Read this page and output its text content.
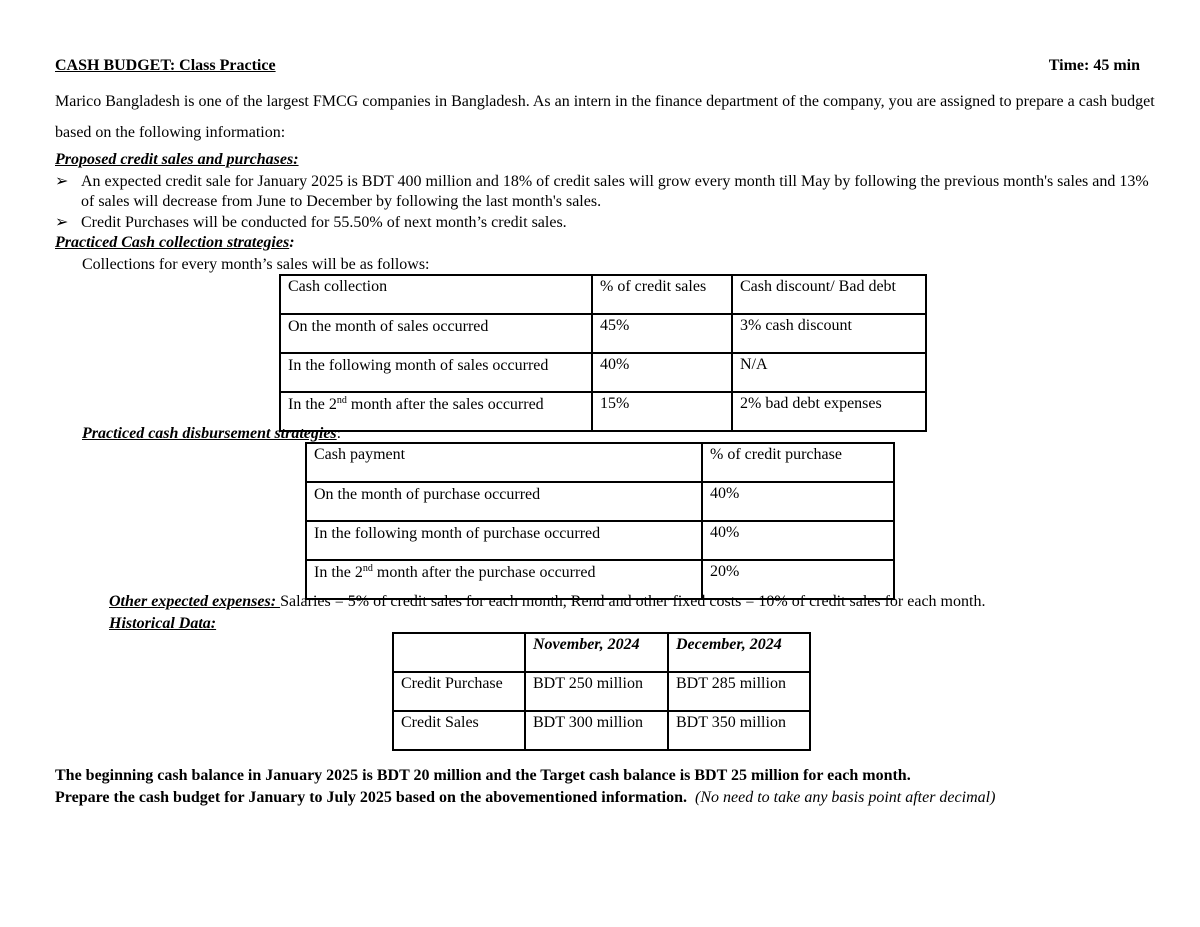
CASH BUDGET: Class Practice	Time: 45 min
Marico Bangladesh is one of the largest FMCG companies in Bangladesh. As an intern in the finance department of the company, you are assigned to prepare a cash budget based on the following information:
Proposed credit sales and purchases:
➢ An expected credit sale for January 2025 is BDT 400 million and 18% of credit sales will grow every month till May by following the previous month's sales and 13% of sales will decrease from June to December by following the last month's sales.
➢ Credit Purchases will be conducted for 55.50% of next month’s credit sales.
Practiced Cash collection strategies:
Collections for every month’s sales will be as follows:
Cash collection	% of credit sales	Cash discount/ Bad debt
On the month of sales occurred	45%	3% cash discount
In the following month of sales occurred	40%	N/A
In the 2nd month after the sales occurred	15%	2% bad debt expenses
Practiced cash disbursement strategies:
Cash payment	% of credit purchase
On the month of purchase occurred	40%
In the following month of purchase occurred	40%
In the 2nd month after the purchase occurred	20%
Other expected expenses: Salaries = 5% of credit sales for each month, Rend and other fixed costs = 10% of credit sales for each month.
Historical Data:
	November, 2024	December, 2024
Credit Purchase	BDT 250 million	BDT 285 million
Credit Sales	BDT 300 million	BDT 350 million
The beginning cash balance in January 2025 is BDT 20 million and the Target cash balance is BDT 25 million for each month.
Prepare the cash budget for January to July 2025 based on the abovementioned information. (No need to take any basis point after decimal)
